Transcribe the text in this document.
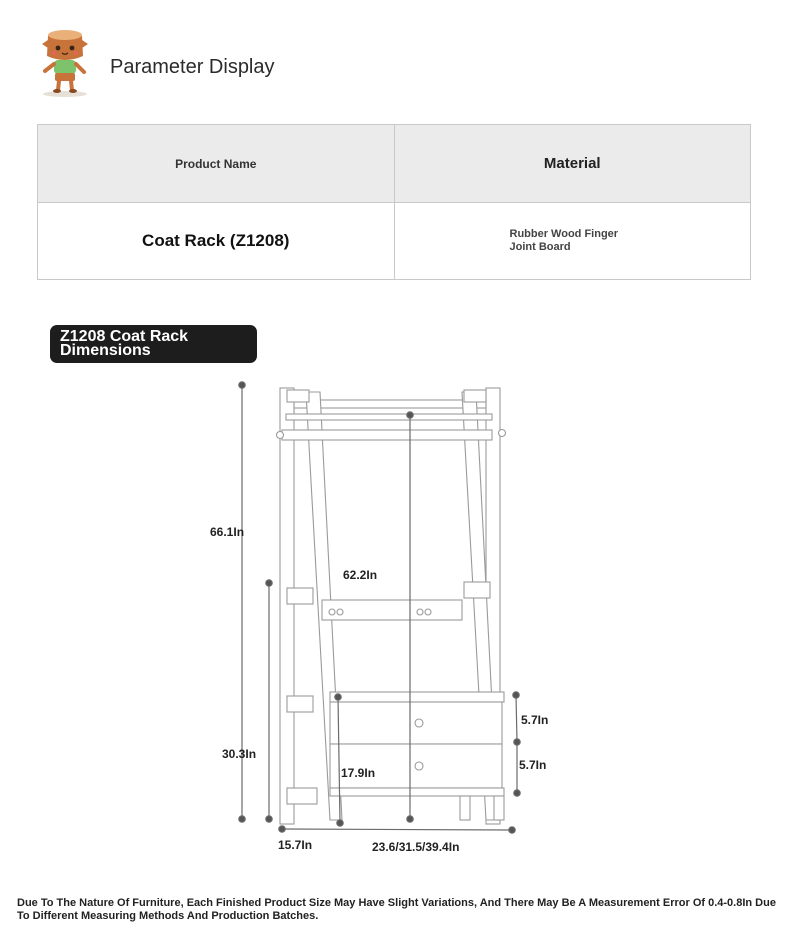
Parameter Display
Product Name	Material
Coat Rack (Z1208)	Rubber Wood Finger Joint Board
Z1208 Coat Rack Dimensions
66.1In
62.2In
30.3In
5.7In
5.7In
17.9In
15.7In	23.6/31.5/39.4In
Due To The Nature Of Furniture, Each Finished Product Size May Have Slight Variations, And There May Be A Measurement Error Of 0.4-0.8In Due To Different Measuring Methods And Production Batches.
